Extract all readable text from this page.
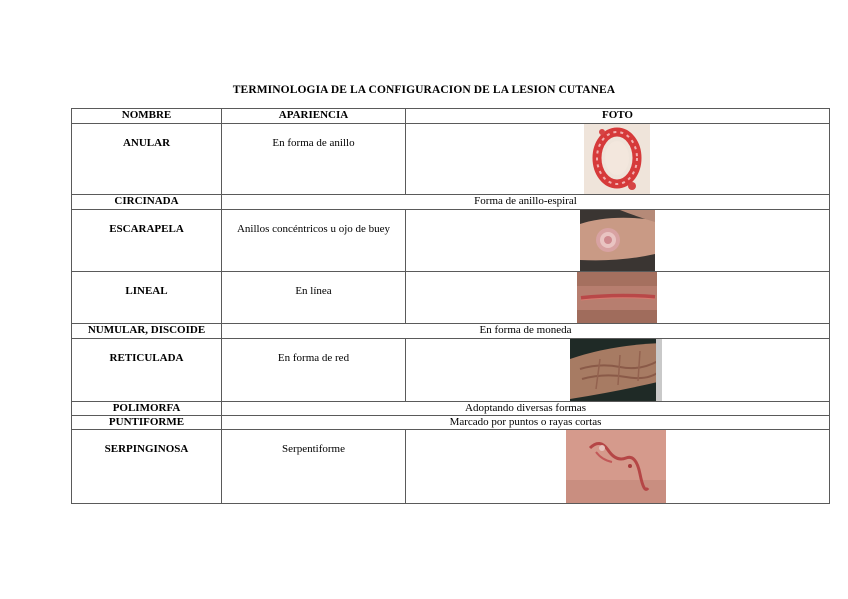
TERMINOLOGIA DE LA CONFIGURACION DE LA LESION CUTANEA
NOMBRE	APARIENCIA	FOTO
ANULAR	En forma de anillo	

CIRCINADA	Forma de anillo-espiral	
ESCARAPELA	Anillos concéntricos u ojo de buey	

LINEAL	En línea	

NUMULAR, DISCOIDE	En forma de moneda	
RETICULADA	En forma de red	

POLIMORFA	Adoptando diversas formas	
PUNTIFORME	Marcado por puntos o rayas cortas	
SERPINGINOSA	Serpentiforme	
